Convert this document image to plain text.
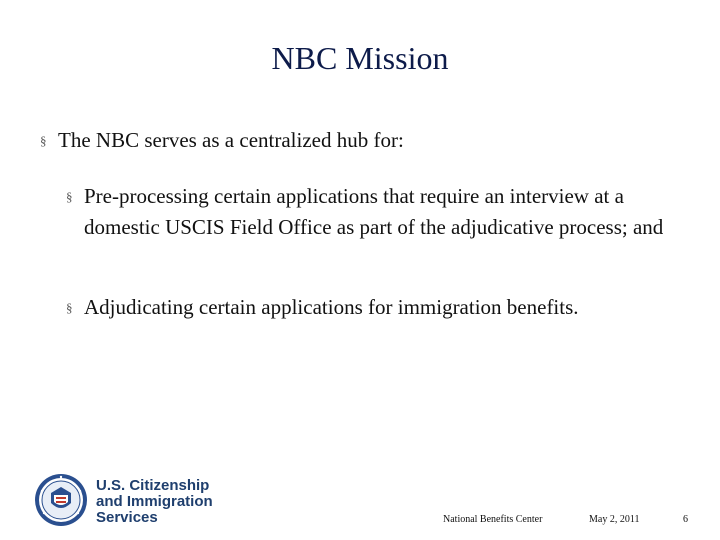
NBC Mission
§ The NBC serves as a centralized hub for:
§ Pre-processing certain applications that require an interview at a domestic USCIS Field Office as part of the adjudicative process; and
§ Adjudicating certain applications for immigration benefits.
U.S. Citizenship
and Immigration
Services	National Benefits Center	May 2, 2011	6
